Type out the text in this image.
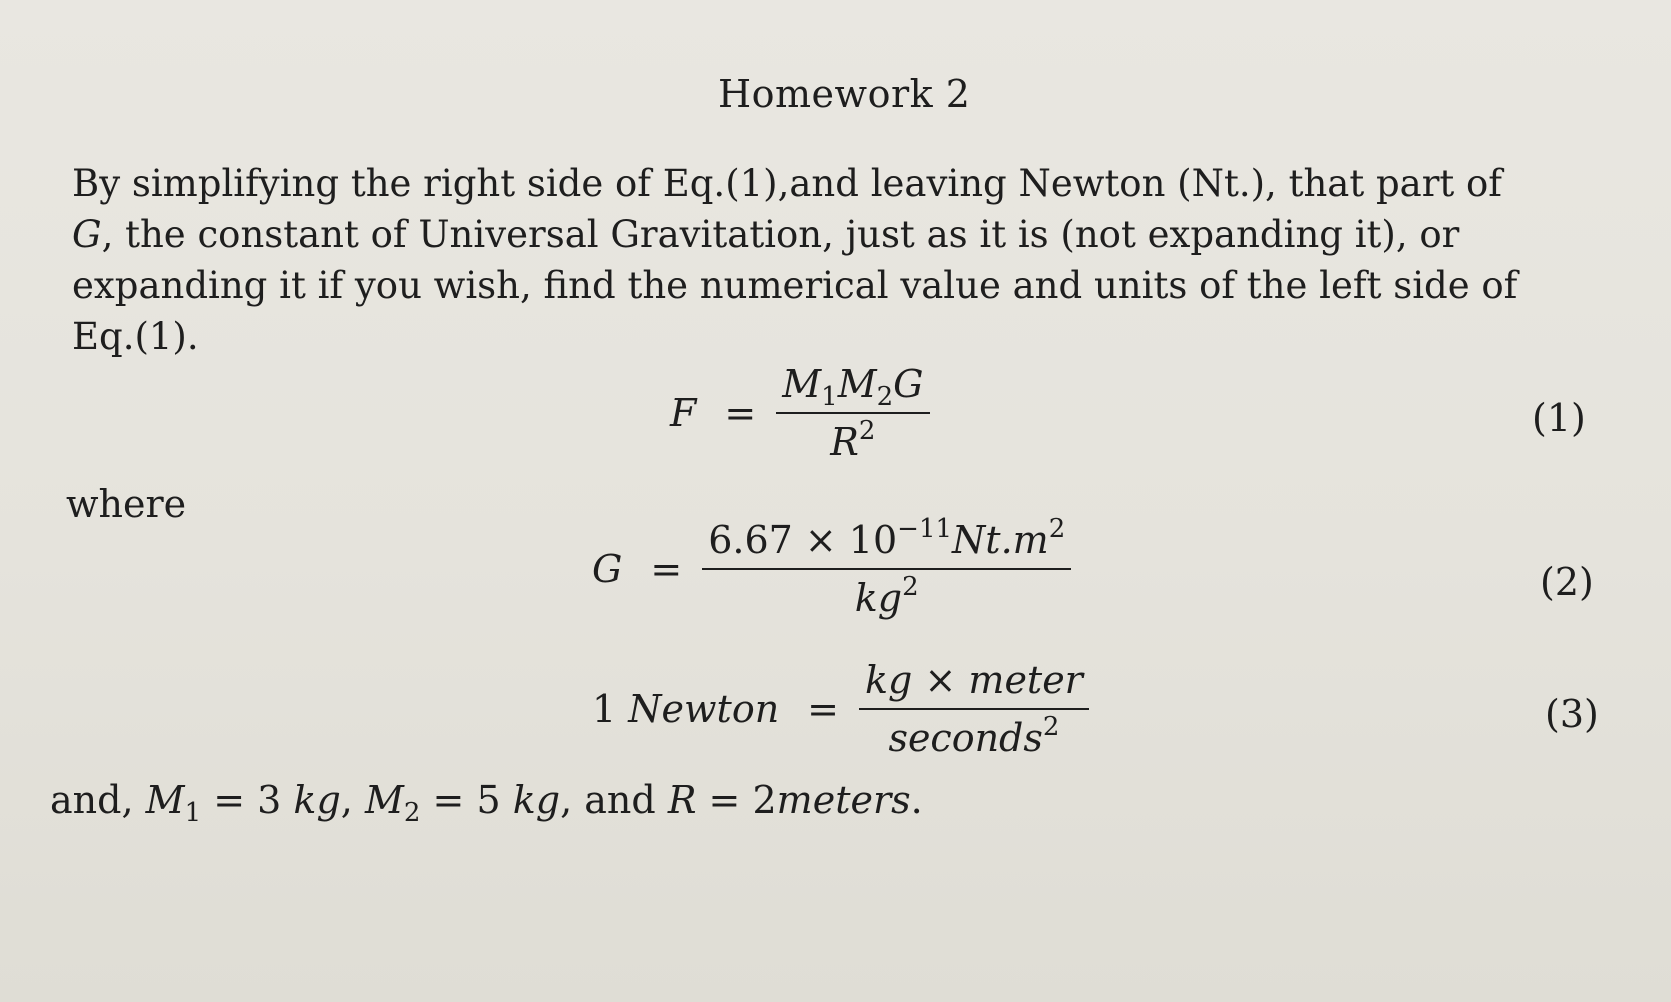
Homework 2
By simplifying the right side of Eq.(1),and leaving Newton (Nt.), that part of
G, the constant of Universal Gravitation, just as it is (not expanding it), or
expanding it if you wish, find the numerical value and units of the left side of
Eq.(1).
$F = \frac{M_1M_2G}{R^2}$	(1)
where
$G = \frac{6.67 \times 10^{-11}Nt.m^2}{kg^2}$	(2)
1 Newton = $\frac{\text{kg × meter}}{seconds^2}$	(3)
and, $M_1 = 3$ kg, $M_2 = 5$ kg, and R = 2meters.
